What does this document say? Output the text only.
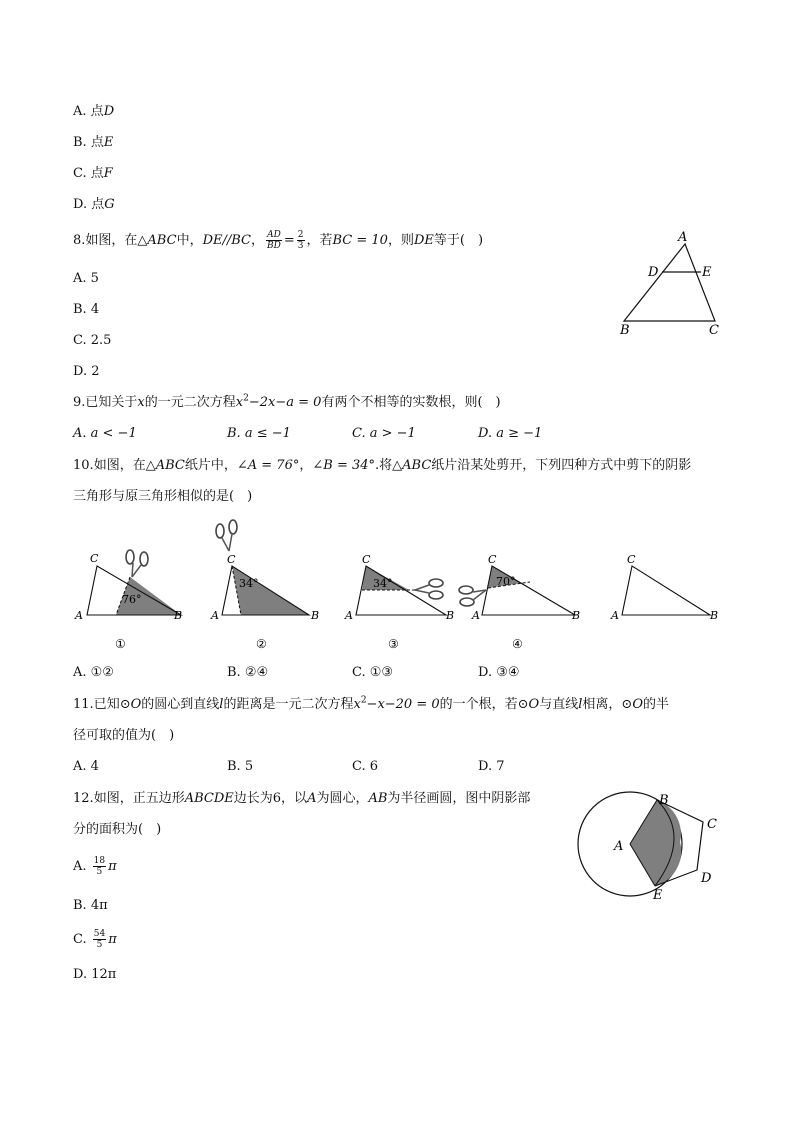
A. 点D
B. 点E
C. 点F
D. 点G
8.如图，在△ABC中，DE//BC， $\frac{AD}{BD} = \frac{2}{3}$ ，若BC = 10，则DE等于(　)
A. 5
B. 4
C. 2.5
D. 2
A
D	E
B	C
9.已知关于x的一元二次方程$x^2-2x-a = 0$有两个不相等的实数根，则(　)
A. a < −1	B. a ≤ −1	C. a > −1	D. a ≥ −1
10.如图，在△ABC纸片中，∠A = 76°，∠B = 34°.将△ABC纸片沿某处剪开，下列四种方式中剪下的阴影
三角形与原三角形相似的是(　)
C
A	B
76°
①
C
A	B
34°
②
C
A	B
34°
③
C
A	B
70°
④
C
A	B
A. ①②	B. ②④	C. ①③	D. ③④
11.已知⊙O的圆心到直线l的距离是一元二次方程$x^2-x-20 = 0$的一个根，若⊙O与直线l相离，⊙O的半
径可取的值为(　)
A. 4	B. 5	C. 6	D. 7
12.如图，正五边形ABCDE边长为6，以A为圆心，AB为半径画圆，图中阴影部
分的面积为(　)
A. $\frac{18}{5}$ π
B. 4π
C. $\frac{54}{5}$ π
D. 12π
A
B
C
D
E
